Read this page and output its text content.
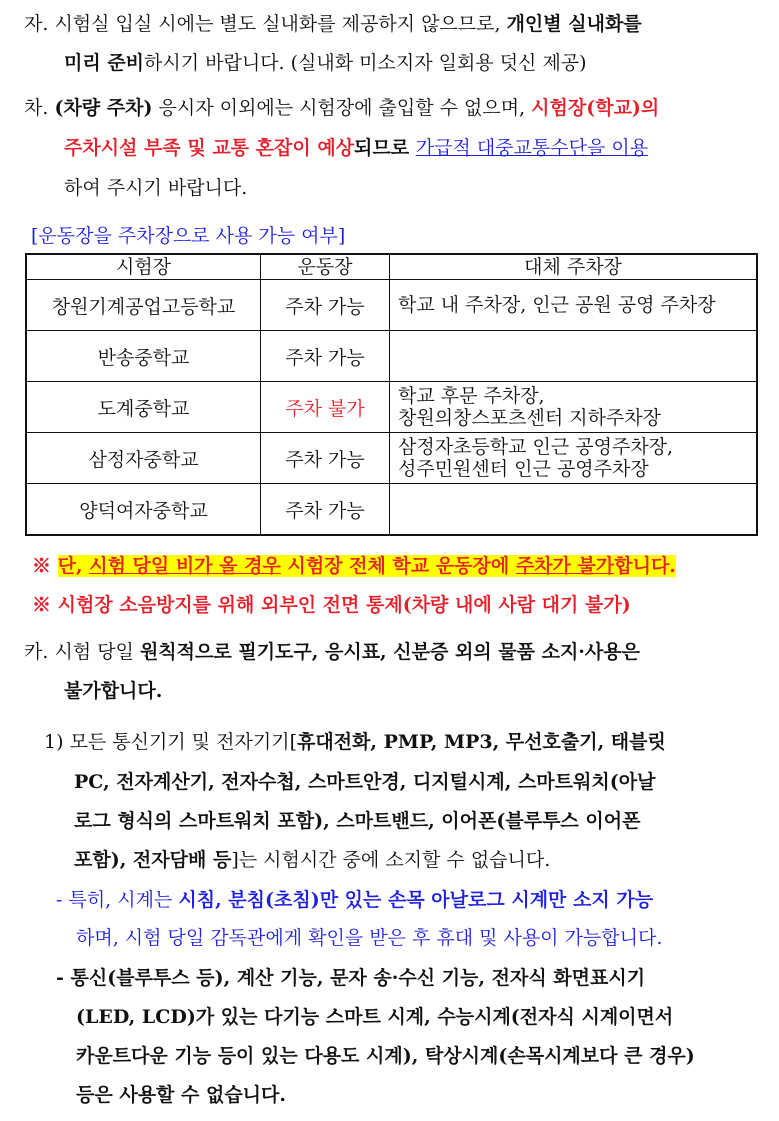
자. 시험실 입실 시에는 별도 실내화를 제공하지 않으므로, 개인별 실내화를
미리 준비하시기 바랍니다. (실내화 미소지자 일회용 덧신 제공)
차. (차량 주차) 응시자 이외에는 시험장에 출입할 수 없으며, 시험장(학교)의
주차시설 부족 및 교통 혼잡이 예상되므로 가급적 대중교통수단을 이용
하여 주시기 바랍니다.
[운동장을 주차장으로 사용 가능 여부]
시험장	운동장	대체 주차장
창원기계공업고등학교	주차 가능	학교 내 주차장, 인근 공원 공영 주차장
반송중학교	주차 가능	
도계중학교	주차 불가	학교 후문 주차장,
창원의창스포츠센터 지하주차장
삼정자중학교	주차 가능	삼정자초등학교 인근 공영주차장,
성주민원센터 인근 공영주차장
양덕여자중학교	주차 가능	
※ 단, 시험 당일 비가 올 경우 시험장 전체 학교 운동장에 주차가 불가합니다.
※ 시험장 소음방지를 위해 외부인 전면 통제(차량 내에 사람 대기 불가)
카. 시험 당일 원칙적으로 필기도구, 응시표, 신분증 외의 물품 소지·사용은
불가합니다.
1) 모든 통신기기 및 전자기기[휴대전화, PMP, MP3, 무선호출기, 태블릿
PC, 전자계산기, 전자수첩, 스마트안경, 디지털시계, 스마트워치(아날
로그 형식의 스마트워치 포함), 스마트밴드, 이어폰(블루투스 이어폰
포함), 전자담배 등]는 시험시간 중에 소지할 수 없습니다.
- 특히, 시계는 시침, 분침(초침)만 있는 손목 아날로그 시계만 소지 가능
하며, 시험 당일 감독관에게 확인을 받은 후 휴대 및 사용이 가능합니다.
- 통신(블루투스 등), 계산 기능, 문자 송·수신 기능, 전자식 화면표시기
(LED, LCD)가 있는 다기능 스마트 시계, 수능시계(전자식 시계이면서
카운트다운 기능 등이 있는 다용도 시계), 탁상시계(손목시계보다 큰 경우)
등은 사용할 수 없습니다.
